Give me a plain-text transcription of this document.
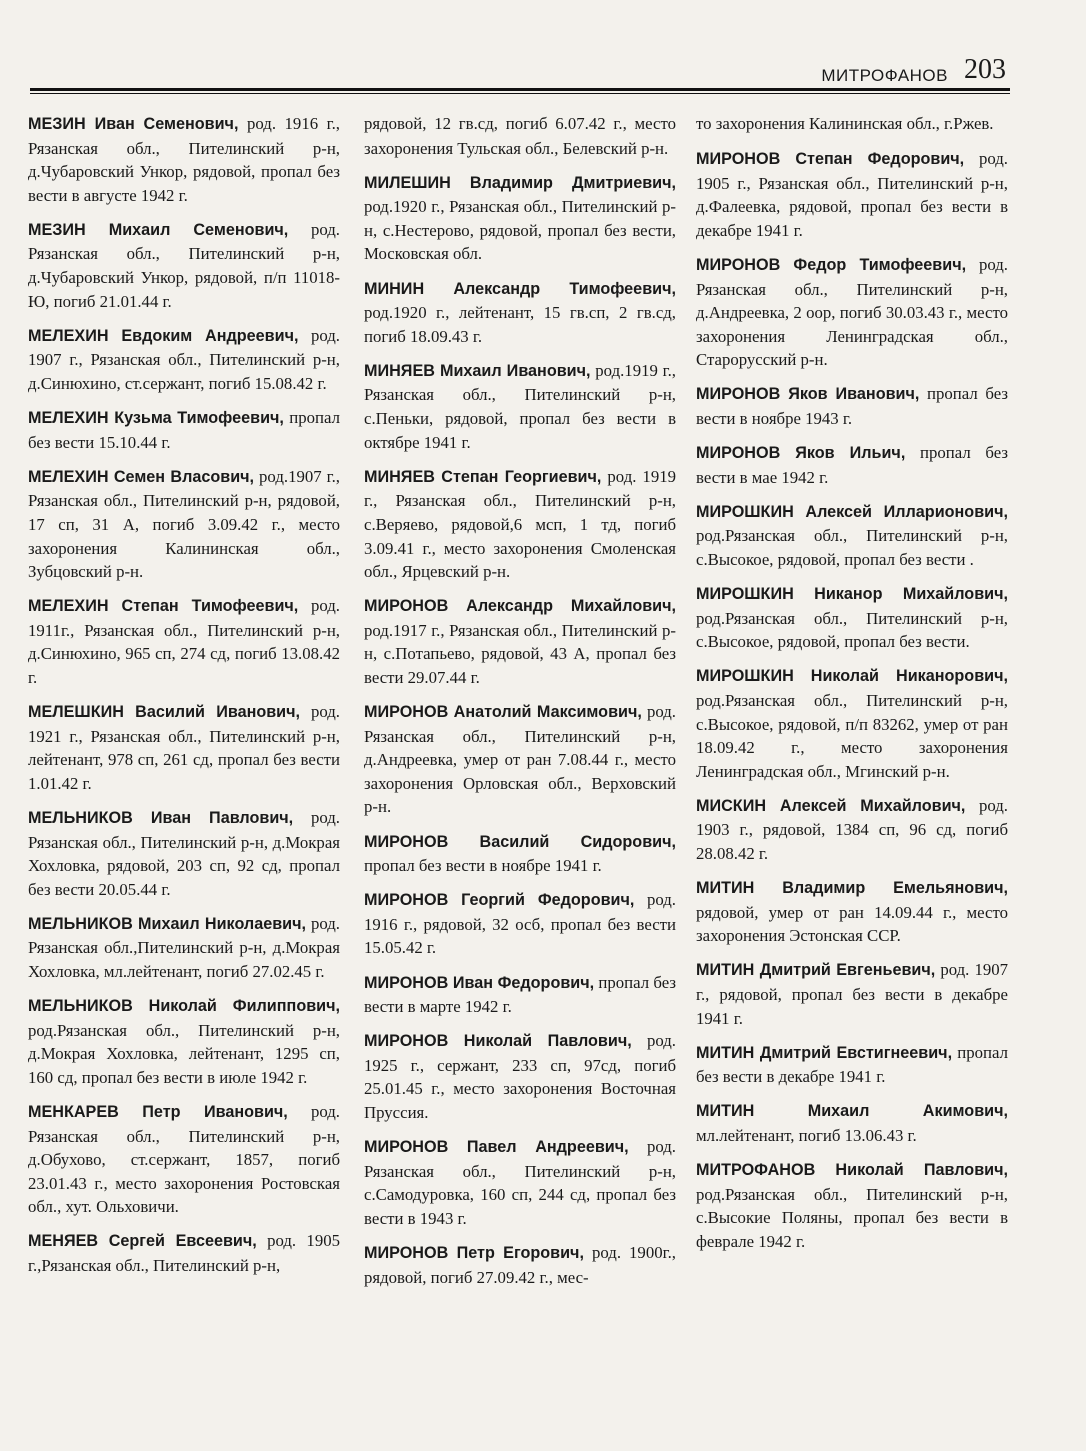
МИТРОФАНОВ 203

МЕЗИН Иван Семенович, род. 1916 г., Рязанская обл., Пителинский р-н, д.Чубаровский Ункор, рядовой, пропал без вести в августе 1942 г.

МЕЗИН Михаил Семенович, род. Рязанская обл., Пителинский р-н, д.Чубаровский Ункор, рядовой, п/п 11018-Ю, погиб 21.01.44 г.

МЕЛЕХИН Евдоким Андреевич, род. 1907 г., Рязанская обл., Пителинский р-н, д.Синюхино, ст.сержант, погиб 15.08.42 г.

МЕЛЕХИН Кузьма Тимофеевич, пропал без вести 15.10.44 г.

МЕЛЕХИН Семен Власович, род.1907 г., Рязанская обл., Пителинский р-н, рядовой, 17 сп, 31 А, погиб 3.09.42 г., место захоронения Калининская обл., Зубцовский р-н.

МЕЛЕХИН Степан Тимофеевич, род. 1911г., Рязанская обл., Пителинский р-н, д.Синюхино, 965 сп, 274 сд, погиб 13.08.42 г.

МЕЛЕШКИН Василий Иванович, род. 1921 г., Рязанская обл., Пителинский р-н, лейтенант, 978 сп, 261 сд, пропал без вести 1.01.42 г.

МЕЛЬНИКОВ Иван Павлович, род. Рязанская обл., Пителинский р-н, д.Мокрая Хохловка, рядовой, 203 сп, 92 сд, пропал без вести 20.05.44 г.

МЕЛЬНИКОВ Михаил Николаевич, род. Рязанская обл.,Пителинский р-н, д.Мокрая Хохловка, мл.лейтенант, погиб 27.02.45 г.

МЕЛЬНИКОВ Николай Филиппович, род.Рязанская обл., Пителинский р-н, д.Мокрая Хохловка, лейтенант, 1295 сп, 160 сд, пропал без вести в июле 1942 г.

МЕНКАРЕВ Петр Иванович, род. Рязанская обл., Пителинский р-н, д.Обухово, ст.сержант, 1857, погиб 23.01.43 г., место захоронения Ростовская обл., хут. Ольховичи.

МЕНЯЕВ Сергей Евсеевич, род. 1905 г.,Рязанская обл., Пителинский р-н,

рядовой, 12 гв.сд, погиб 6.07.42 г., место захоронения Тульская обл., Белевский р-н.

МИЛЕШИН Владимир Дмитриевич, род.1920 г., Рязанская обл., Пителинский р-н, с.Нестерово, рядовой, пропал без вести, Московская обл.

МИНИН Александр Тимофеевич, род.1920 г., лейтенант, 15 гв.сп, 2 гв.сд, погиб 18.09.43 г.

МИНЯЕВ Михаил Иванович, род.1919 г., Рязанская обл., Пителинский р-н, с.Пеньки, рядовой, пропал без вести в октябре 1941 г.

МИНЯЕВ Степан Георгиевич, род. 1919 г., Рязанская обл., Пителинский р-н, с.Веряево, рядовой,6 мсп, 1 тд, погиб 3.09.41 г., место захоронения Смоленская обл., Ярцевский р-н.

МИРОНОВ Александр Михайлович, род.1917 г., Рязанская обл., Пителинский р-н, с.Потапьево, рядовой, 43 А, пропал без вести 29.07.44 г.

МИРОНОВ Анатолий Максимович, род. Рязанская обл., Пителинский р-н, д.Андреевка, умер от ран 7.08.44 г., место захоронения Орловская обл., Верховский р-н.

МИРОНОВ Василий Сидорович, пропал без вести в ноябре 1941 г.

МИРОНОВ Георгий Федорович, род. 1916 г., рядовой, 32 осб, пропал без вести 15.05.42 г.

МИРОНОВ Иван Федорович, пропал без вести в марте 1942 г.

МИРОНОВ Николай Павлович, род. 1925 г., сержант, 233 сп, 97сд, погиб 25.01.45 г., место захоронения Восточная Пруссия.

МИРОНОВ Павел Андреевич, род. Рязанская обл., Пителинский р-н, с.Самодуровка, 160 сп, 244 сд, пропал без вести в 1943 г.

МИРОНОВ Петр Егорович, род. 1900г., рядовой, погиб 27.09.42 г., мес-

то захоронения Калининская обл., г.Ржев.

МИРОНОВ Степан Федорович, род. 1905 г., Рязанская обл., Пителинский р-н, д.Фалеевка, рядовой, пропал без вести в декабре 1941 г.

МИРОНОВ Федор Тимофеевич, род. Рязанская обл., Пителинский р-н, д.Андреевка, 2 оор, погиб 30.03.43 г., место захоронения Ленинградская обл., Старорусский р-н.

МИРОНОВ Яков Иванович, пропал без вести в ноябре 1943 г.

МИРОНОВ Яков Ильич, пропал без вести в мае 1942 г.

МИРОШКИН Алексей Илларионович, род.Рязанская обл., Пителинский р-н, с.Высокое, рядовой, пропал без вести .

МИРОШКИН Никанор Михайлович, род.Рязанская обл., Пителинский р-н, с.Высокое, рядовой, пропал без вести.

МИРОШКИН Николай Никанорович, род.Рязанская обл., Пителинский р-н, с.Высокое, рядовой, п/п 83262, умер от ран 18.09.42 г., место захоронения Ленинградская обл., Мгинский р-н.

МИСКИН Алексей Михайлович, род. 1903 г., рядовой, 1384 сп, 96 сд, погиб 28.08.42 г.

МИТИН Владимир Емельянович, рядовой, умер от ран 14.09.44 г., место захоронения Эстонская ССР.

МИТИН Дмитрий Евгеньевич, род. 1907 г., рядовой, пропал без вести в декабре 1941 г.

МИТИН Дмитрий Евстигнеевич, пропал без вести в декабре 1941 г.

МИТИН Михаил Акимович, мл.лейтенант, погиб 13.06.43 г.

МИТРОФАНОВ Николай Павлович, род.Рязанская обл., Пителинский р-н, с.Высокие Поляны, пропал без вести в феврале 1942 г.
